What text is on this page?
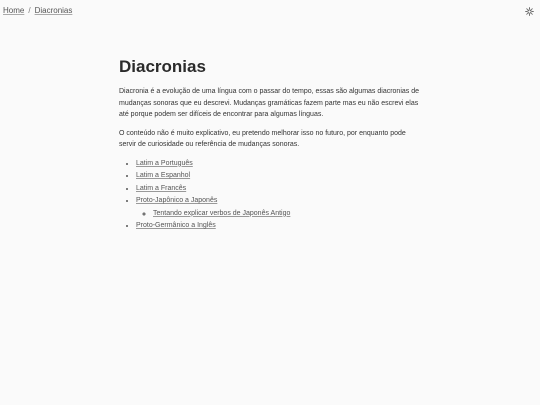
Home / Diacronias
Diacronias

Diacronia é a evolução de uma língua com o passar do tempo, essas são algumas diacronias de mudanças sonoras que eu descrevi. Mudanças gramáticas fazem parte mas eu não escrevi elas até porque podem ser difíceis de encontrar para algumas línguas.

O conteúdo não é muito explicativo, eu pretendo melhorar isso no futuro, por enquanto pode servir de curiosidade ou referência de mudanças sonoras.

• Latim a Português
• Latim a Espanhol
• Latim a Francês
• Proto-Japônico a Japonês
◦ Tentando explicar verbos de Japonês Antigo
• Proto-Germânico a Inglês
